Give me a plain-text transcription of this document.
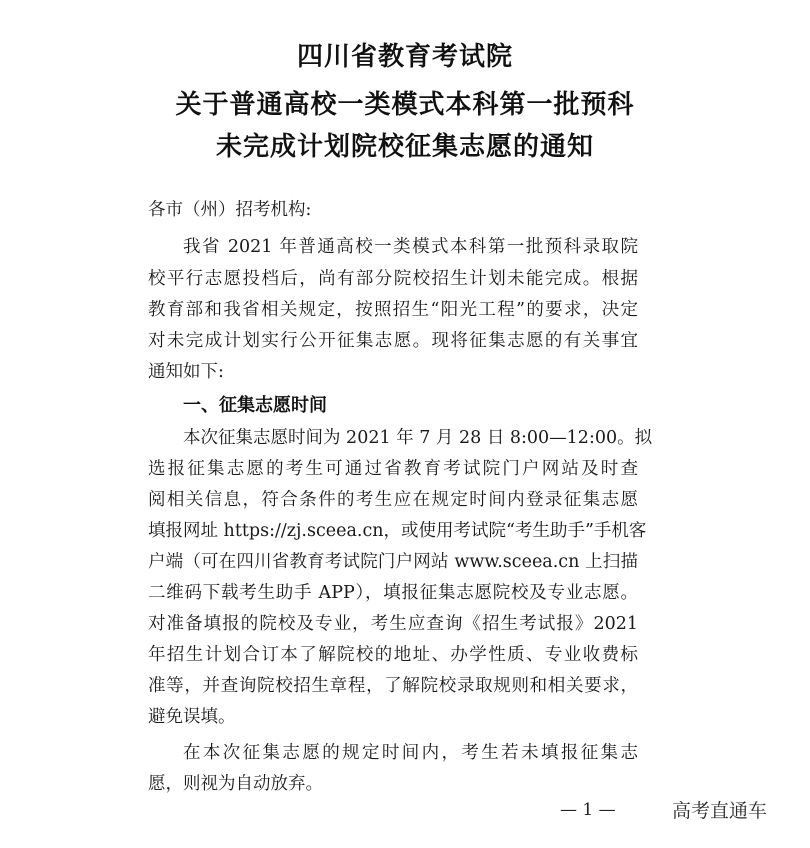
四川省教育考试院
关于普通高校一类模式本科第一批预科
未完成计划院校征集志愿的通知
各市（州）招考机构:
我省 2021 年普通高校一类模式本科第一批预科录取院
校平行志愿投档后，尚有部分院校招生计划未能完成。根据
教育部和我省相关规定，按照招生“阳光工程”的要求，决定
对未完成计划实行公开征集志愿。现将征集志愿的有关事宜
通知如下:
一、征集志愿时间
本次征集志愿时间为 2021 年 7 月 28 日 8:00—12:00。拟
选报征集志愿的考生可通过省教育考试院门户网站及时查
阅相关信息，符合条件的考生应在规定时间内登录征集志愿
填报网址 https://zj.sceea.cn，或使用考试院“考生助手”手机客
户端（可在四川省教育考试院门户网站 www.sceea.cn 上扫描
二维码下载考生助手 APP），填报征集志愿院校及专业志愿。
对准备填报的院校及专业，考生应查询《招生考试报》2021
年招生计划合订本了解院校的地址、办学性质、专业收费标
准等，并查询院校招生章程，了解院校录取规则和相关要求，
避免误填。
在本次征集志愿的规定时间内，考生若未填报征集志
愿，则视为自动放弃。
— 1 —	高考直通车
